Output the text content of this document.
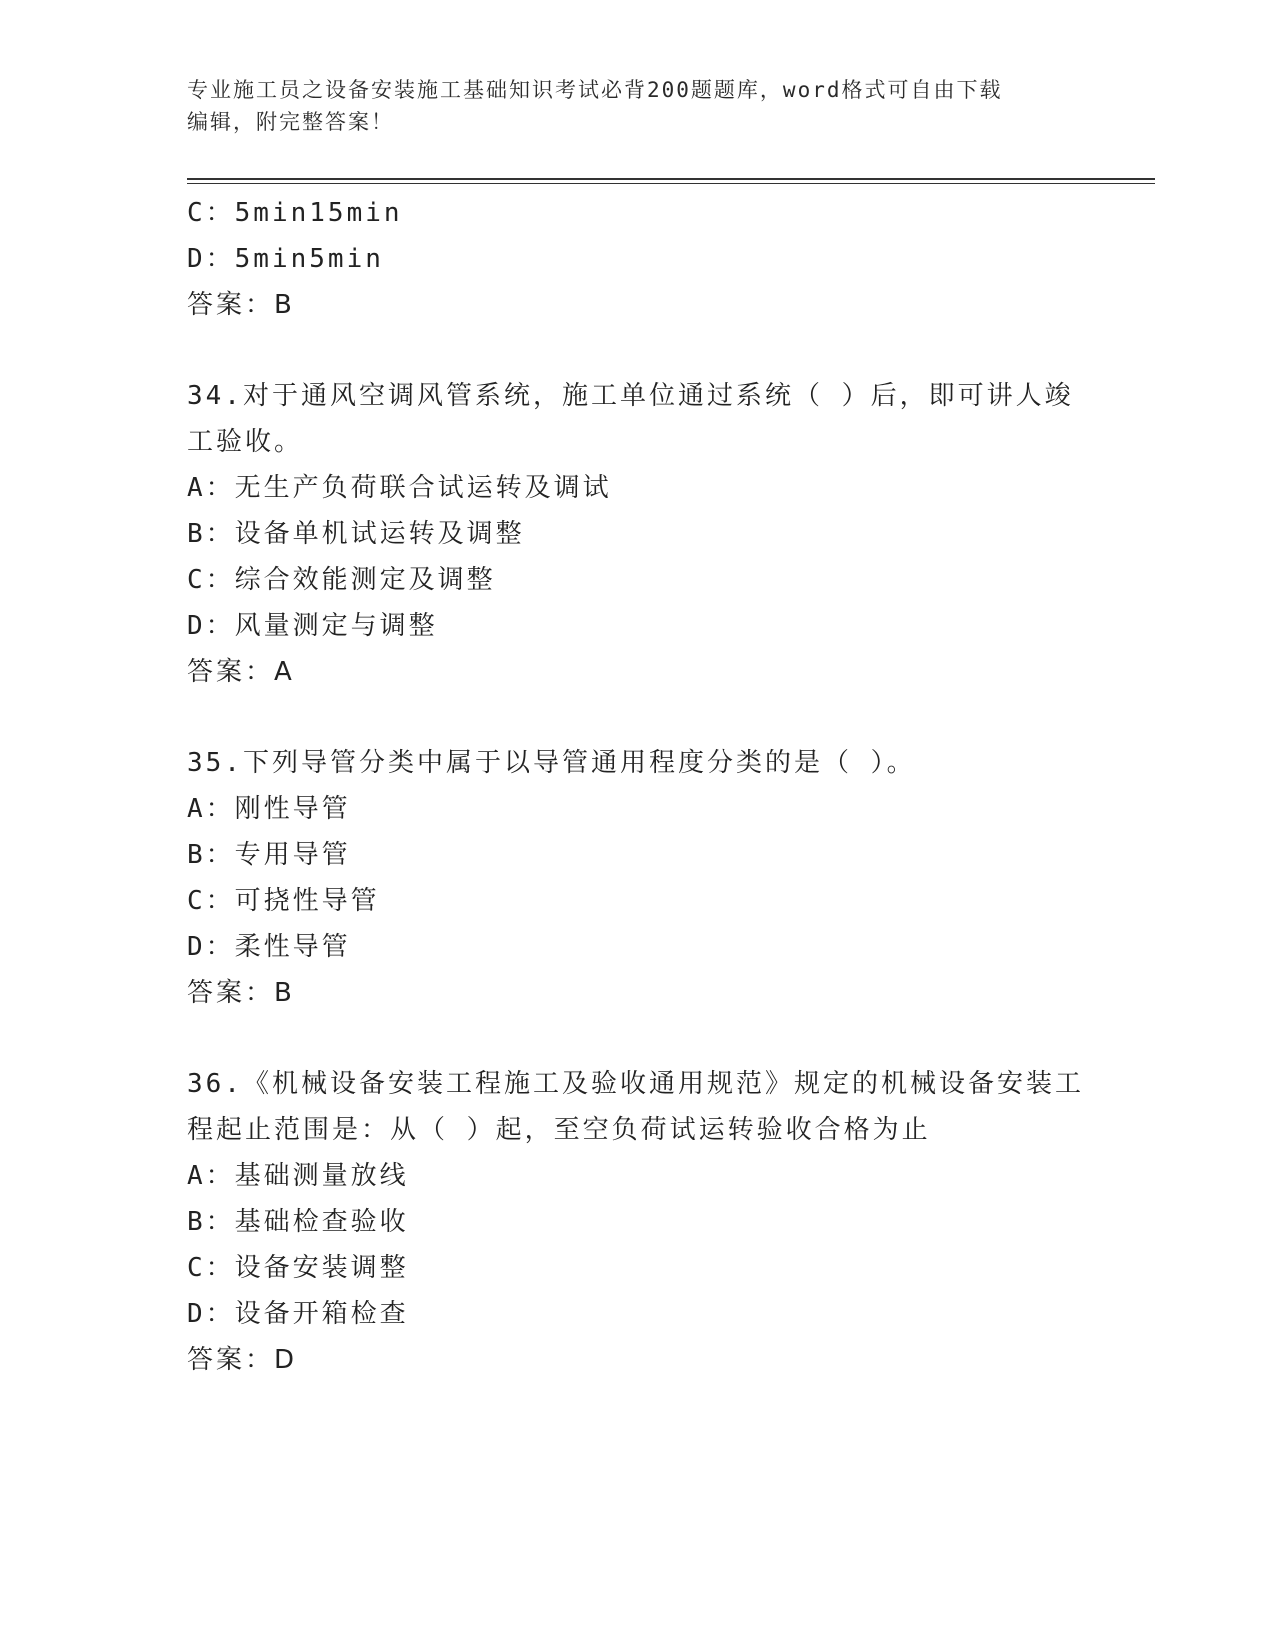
专业施工员之设备安装施工基础知识考试必背200题题库，word格式可自由下载
编辑，附完整答案！
C：5min15min
D：5min5min
答案：B
34.对于通风空调风管系统，施工单位通过系统（ ）后，即可讲人竣
工验收。
A：无生产负荷联合试运转及调试
B：设备单机试运转及调整
C：综合效能测定及调整
D：风量测定与调整
答案：A
35.下列导管分类中属于以导管通用程度分类的是（ ）。
A：刚性导管
B：专用导管
C：可挠性导管
D：柔性导管
答案：B
36.《机械设备安装工程施工及验收通用规范》规定的机械设备安装工
程起止范围是：从（ ）起，至空负荷试运转验收合格为止
A：基础测量放线
B：基础检查验收
C：设备安装调整
D：设备开箱检查
答案：D
